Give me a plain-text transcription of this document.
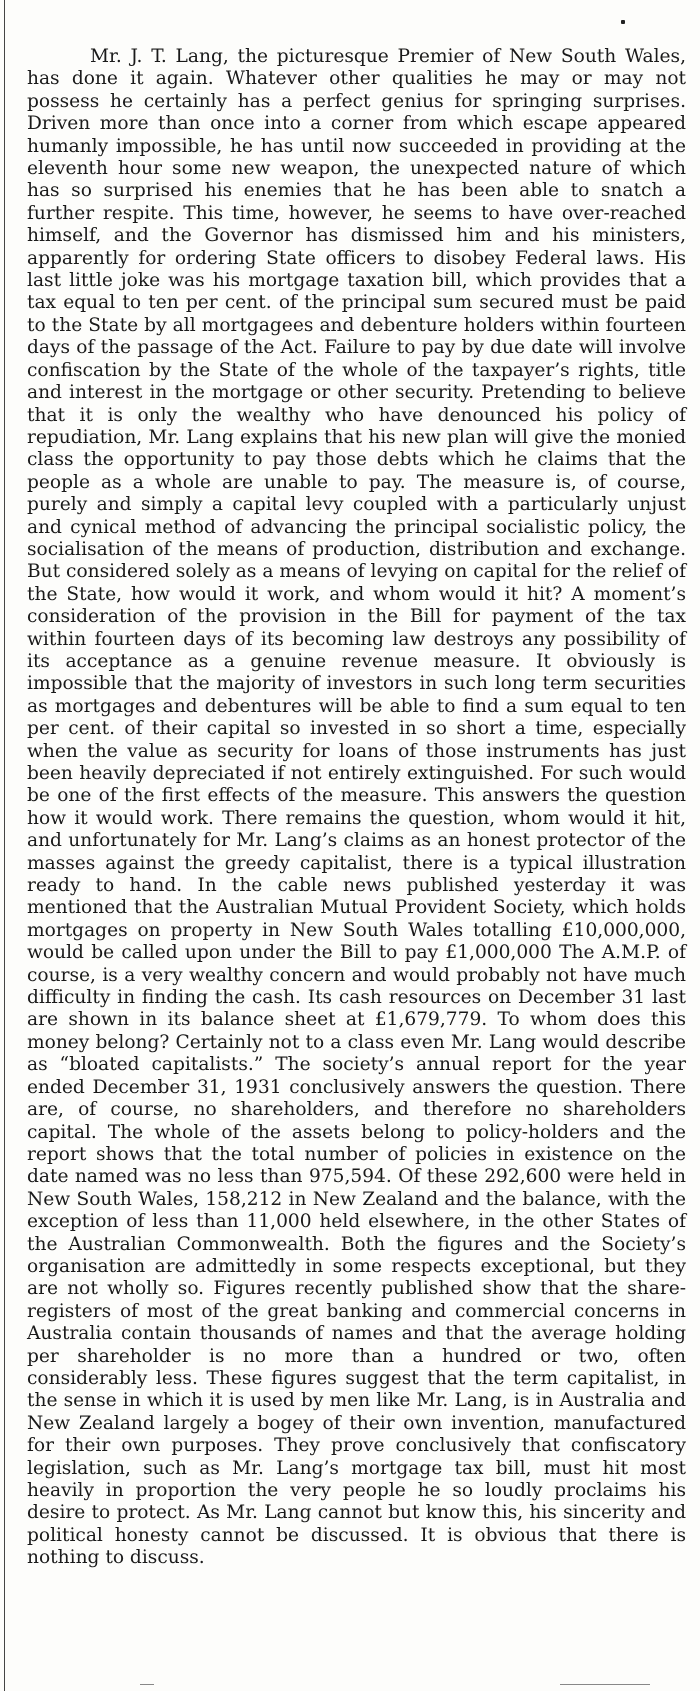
Mr. J. T. Lang, the picturesque Premier of New South Wales, has done it again. Whatever other qualities he may or may not possess he certainly has a perfect genius for springing surprises. Driven more than once into a corner from which escape appeared humanly impossible, he has until now succeeded in providing at the eleventh hour some new weapon, the unexpected nature of which has so surprised his enemies that he has been able to snatch a further respite. This time, however, he seems to have over-reached himself, and the Governor has dismissed him and his ministers, apparently for ordering State officers to disobey Federal laws. His last little joke was his mortgage taxation bill, which provides that a tax equal to ten per cent. of the principal sum secured must be paid to the State by all mortgagees and debenture holders within fourteen days of the passage of the Act. Failure to pay by due date will involve confiscation by the State of the whole of the taxpayer’s rights, title and interest in the mortgage or other security. Pretending to believe that it is only the wealthy who have denounced his policy of repudiation, Mr. Lang explains that his new plan will give the monied class the opportunity to pay those debts which he claims that the people as a whole are unable to pay. The measure is, of course, purely and simply a capital levy coupled with a particularly unjust and cynical method of advancing the principal socialistic policy, the socialisation of the means of production, distribution and exchange. But considered solely as a means of levying on capital for the relief of the State, how would it work, and whom would it hit? A moment’s consideration of the provision in the Bill for payment of the tax within fourteen days of its becoming law destroys any possibility of its acceptance as a genuine revenue measure. It obviously is impossible that the majority of investors in such long term securities as mortgages and debentures will be able to find a sum equal to ten per cent. of their capital so invested in so short a time, especially when the value as security for loans of those instruments has just been heavily depreciated if not entirely extinguished. For such would be one of the first effects of the measure. This answers the question how it would work. There remains the question, whom would it hit, and unfortunately for Mr. Lang’s claims as an honest protector of the masses against the greedy capitalist, there is a typical illustration ready to hand. In the cable news published yesterday it was mentioned that the Australian Mutual Provident Society, which holds mortgages on property in New South Wales totalling £10,000,000, would be called upon under the Bill to pay £1,000,000 The A.M.P. of course, is a very wealthy concern and would probably not have much difficulty in finding the cash. Its cash resources on December 31 last are shown in its balance sheet at £1,679,779. To whom does this money belong? Certainly not to a class even Mr. Lang would describe as “bloated capitalists.” The society’s annual report for the year ended December 31, 1931 conclusively answers the question. There are, of course, no shareholders, and therefore no shareholders capital. The whole of the assets belong to policy-holders and the report shows that the total number of policies in existence on the date named was no less than 975,594. Of these 292,600 were held in New South Wales, 158,212 in New Zealand and the balance, with the exception of less than 11,000 held elsewhere, in the other States of the Australian Commonwealth. Both the figures and the Society’s organisation are admittedly in some respects exceptional, but they are not wholly so. Figures recently published show that the share-registers of most of the great banking and commercial concerns in Australia contain thousands of names and that the average holding per shareholder is no more than a hundred or two, often considerably less. These figures suggest that the term capitalist, in the sense in which it is used by men like Mr. Lang, is in Australia and New Zealand largely a bogey of their own invention, manufactured for their own purposes. They prove conclusively that confiscatory legislation, such as Mr. Lang’s mortgage tax bill, must hit most heavily in proportion the very people he so loudly proclaims his desire to protect. As Mr. Lang cannot but know this, his sincerity and political honesty cannot be discussed. It is obvious that there is nothing to discuss.
